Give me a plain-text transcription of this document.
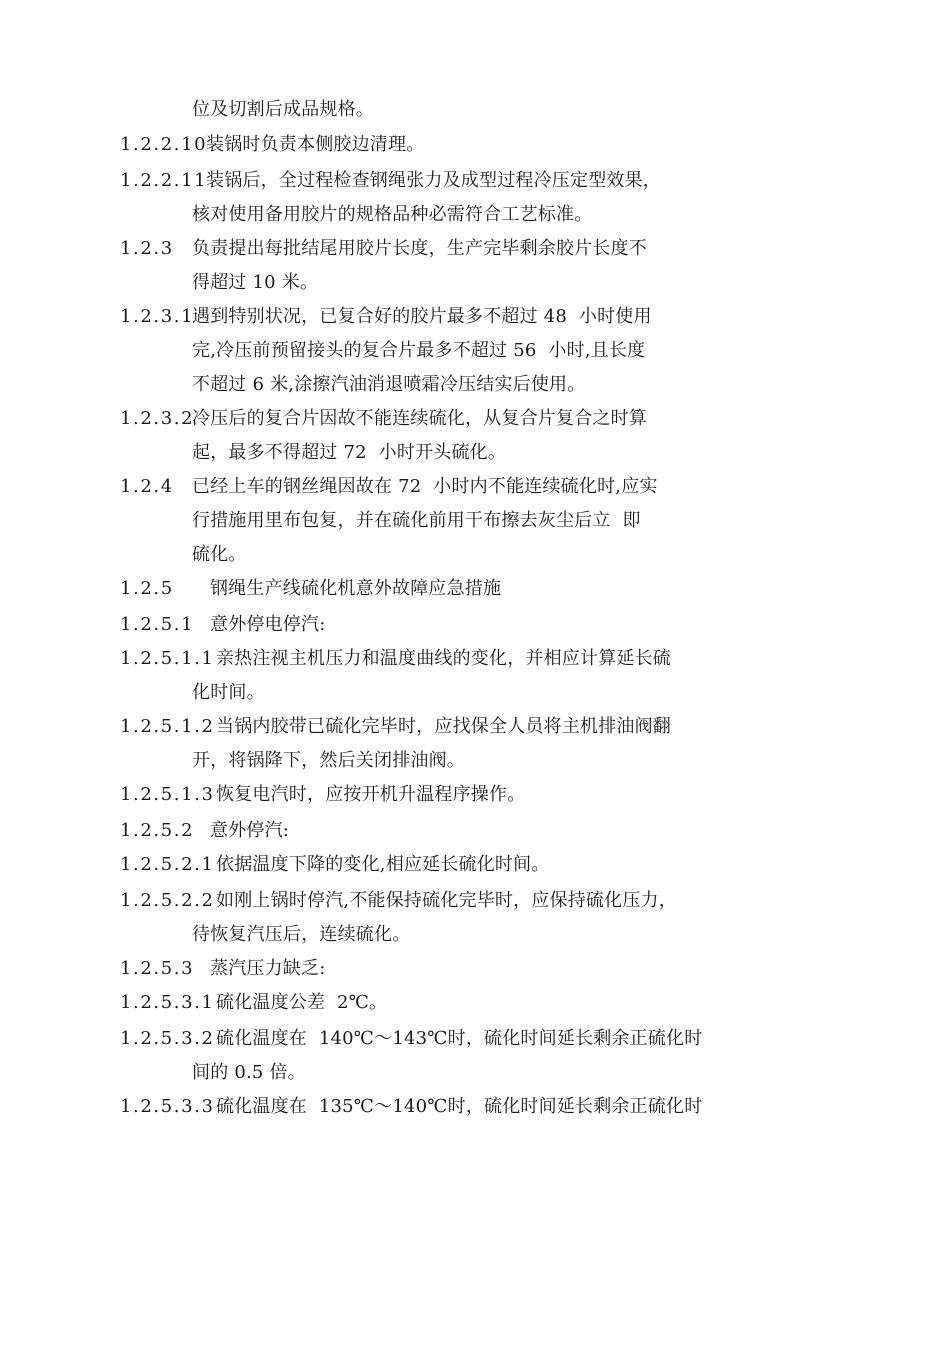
位及切割后成品规格。
1.2.2.10装锅时负责本侧胶边清理。
1.2.2.11装锅后，全过程检查钢绳张力及成型过程冷压定型效果，
核对使用备用胶片的规格品种必需符合工艺标准。
1.2.3 负责提出每批结尾用胶片长度，生产完毕剩余胶片长度不
得超过 10 米。
1.2.3.1遇到特别状况，已复合好的胶片最多不超过 48  小时使用
完,冷压前预留接头的复合片最多不超过 56  小时,且长度
不超过 6 米,涂擦汽油消退喷霜冷压结实后使用。
1.2.3.2冷压后的复合片因故不能连续硫化，从复合片复合之时算
起，最多不得超过 72  小时开头硫化。
1.2.4 已经上车的钢丝绳因故在 72  小时内不能连续硫化时,应实
行措施用里布包复，并在硫化前用干布擦去灰尘后立  即
硫化。
1.2.5 钢绳生产线硫化机意外故障应急措施
1.2.5.1 意外停电停汽:
1.2.5.1.1亲热注视主机压力和温度曲线的变化，并相应计算延长硫
化时间。
1.2.5.1.2当锅内胶带已硫化完毕时，应找保全人员将主机排油阀翻
开，将锅降下，然后关闭排油阀。
1.2.5.1.3恢复电汽时，应按开机升温程序操作。
1.2.5.2 意外停汽:
1.2.5.2.1依据温度下降的变化,相应延长硫化时间。
1.2.5.2.2如刚上锅时停汽,不能保持硫化完毕时，应保持硫化压力，
待恢复汽压后，连续硫化。
1.2.5.3 蒸汽压力缺乏:
1.2.5.3.1硫化温度公差  2℃。
1.2.5.3.2硫化温度在  140℃～143℃时，硫化时间延长剩余正硫化时
间的 0.5 倍。
1.2.5.3.3硫化温度在  135℃～140℃时，硫化时间延长剩余正硫化时
